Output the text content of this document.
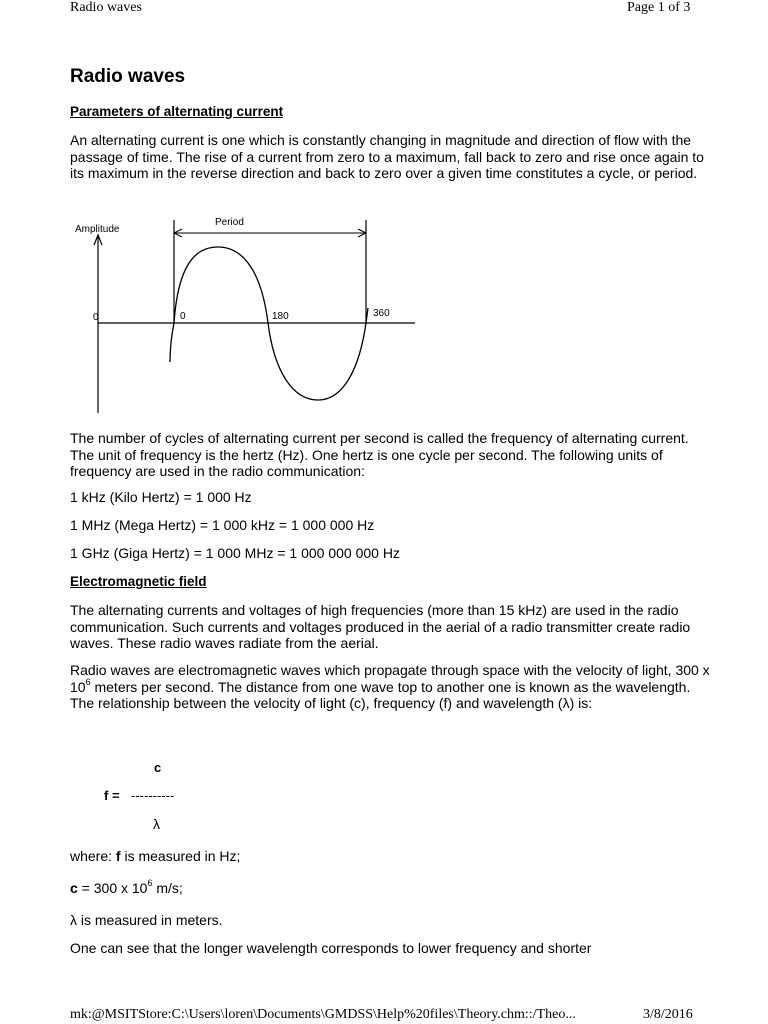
Radio waves	Page 1 of 3
Radio waves
Parameters of alternating current
An alternating current is one which is constantly changing in magnitude and direction of flow with the passage of time. The rise of a current from zero to a maximum, fall back to zero and rise once again to its maximum in the reverse direction and back to zero over a given time constitutes a cycle, or period.
Period
Amplitude
0	0	180	360
The number of cycles of alternating current per second is called the frequency of alternating current. The unit of frequency is the hertz (Hz). One hertz is one cycle per second. The following units of frequency are used in the radio communication:
1 kHz (Kilo Hertz) = 1 000 Hz
1 MHz (Mega Hertz) = 1 000 kHz = 1 000 000 Hz
1 GHz (Giga Hertz) = 1 000 MHz = 1 000 000 000 Hz
Electromagnetic field
The alternating currents and voltages of high frequencies (more than 15 kHz) are used in the radio communication. Such currents and voltages produced in the aerial of a radio transmitter create radio waves. These radio waves radiate from the aerial.
Radio waves are electromagnetic waves which propagate through space with the velocity of light, 300 x $10^6$ meters per second. The distance from one wave top to another one is known as the wavelength. The relationship between the velocity of light (c), frequency (f) and wavelength (λ) is:
c
f = ----------
λ
where: f is measured in Hz;
c = 300 x $10^6$ m/s;
λ is measured in meters.
One can see that the longer wavelength corresponds to lower frequency and shorter
mk:@MSITStore:C:\Users\loren\Documents\GMDSS\Help%20files\Theory.chm::/Theo...	3/8/2016
